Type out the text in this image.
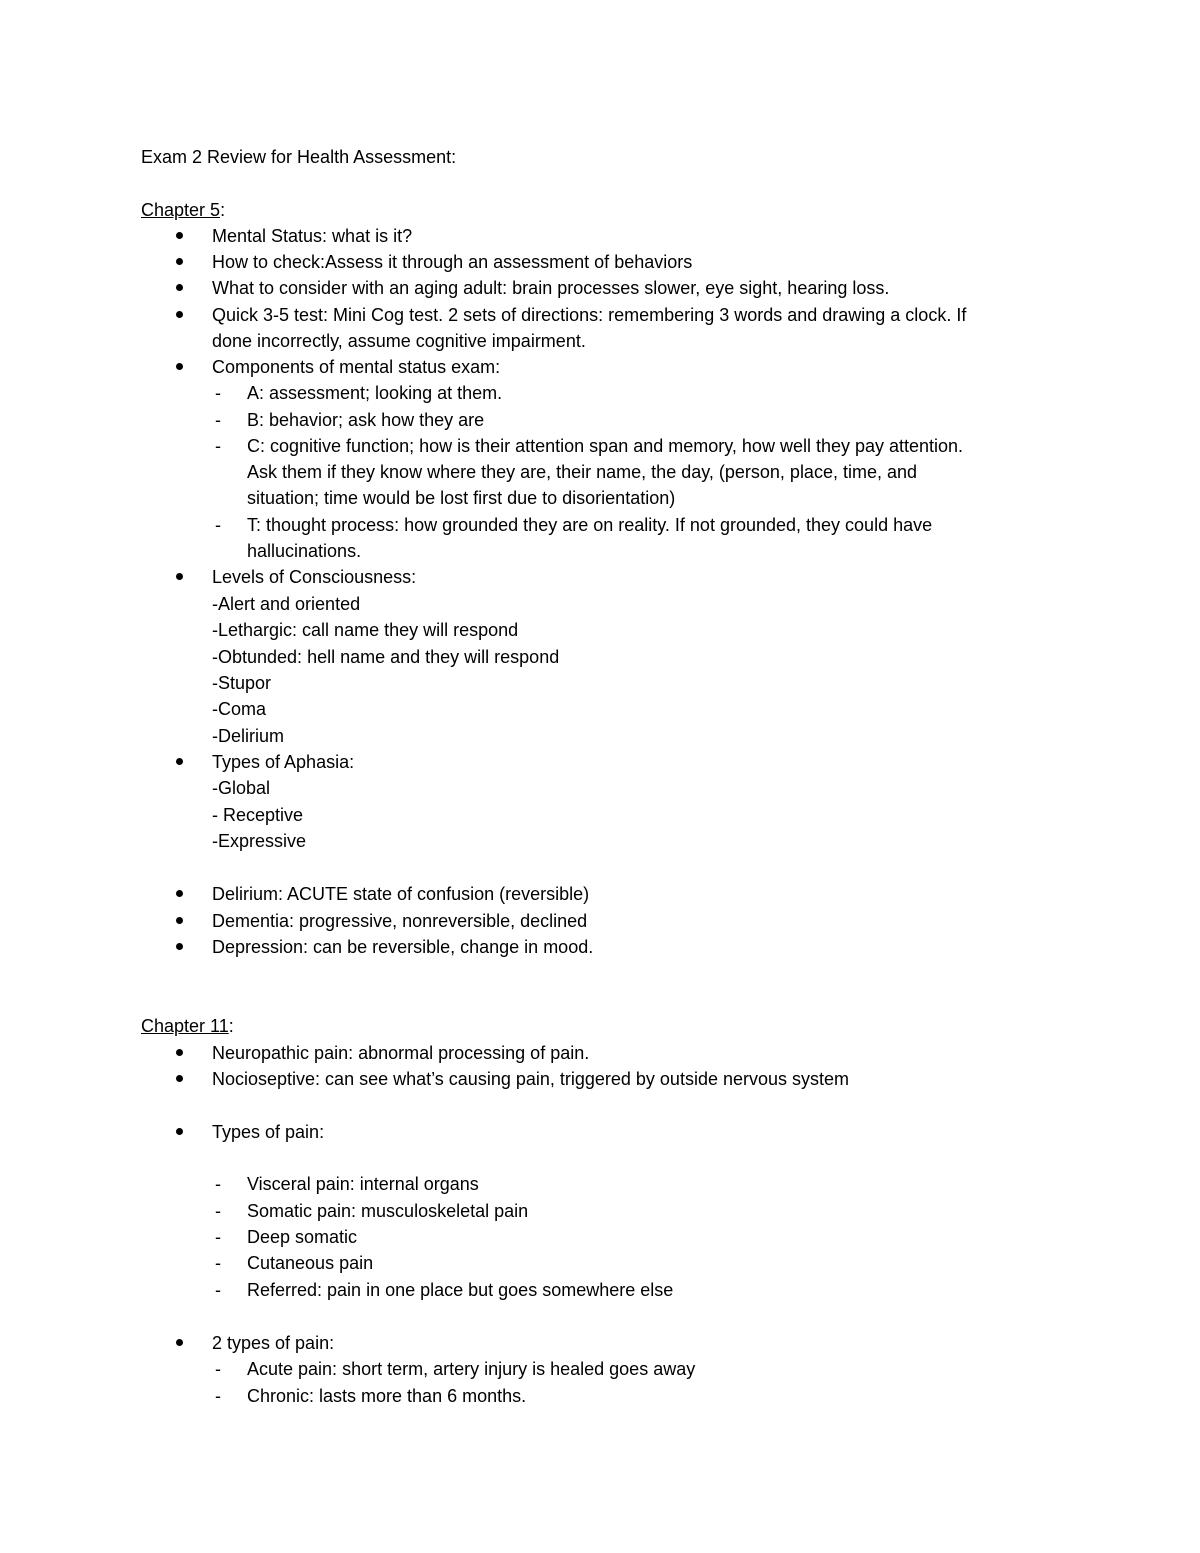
Exam 2 Review for Health Assessment:
Chapter 5:
Mental Status: what is it?
How to check:Assess it through an assessment of behaviors
What to consider with an aging adult: brain processes slower, eye sight, hearing loss.
Quick 3-5 test: Mini Cog test. 2 sets of directions: remembering 3 words and drawing a clock. If
done incorrectly, assume cognitive impairment.
Components of mental status exam:
- A: assessment; looking at them.
- B: behavior; ask how they are
- C: cognitive function; how is their attention span and memory, how well they pay attention.
Ask them if they know where they are, their name, the day, (person, place, time, and
situation; time would be lost first due to disorientation)
- T: thought process: how grounded they are on reality. If not grounded, they could have
hallucinations.
Levels of Consciousness:
-Alert and oriented
-Lethargic: call name they will respond
-Obtunded: hell name and they will respond
-Stupor
-Coma
-Delirium
Types of Aphasia:
-Global
- Receptive
-Expressive
Delirium: ACUTE state of confusion (reversible)
Dementia: progressive, nonreversible, declined
Depression: can be reversible, change in mood.
Chapter 11:
Neuropathic pain: abnormal processing of pain.
Nocioseptive: can see what’s causing pain, triggered by outside nervous system
Types of pain:
- Visceral pain: internal organs
- Somatic pain: musculoskeletal pain
- Deep somatic
- Cutaneous pain
- Referred: pain in one place but goes somewhere else
2 types of pain:
- Acute pain: short term, artery injury is healed goes away
- Chronic: lasts more than 6 months.
